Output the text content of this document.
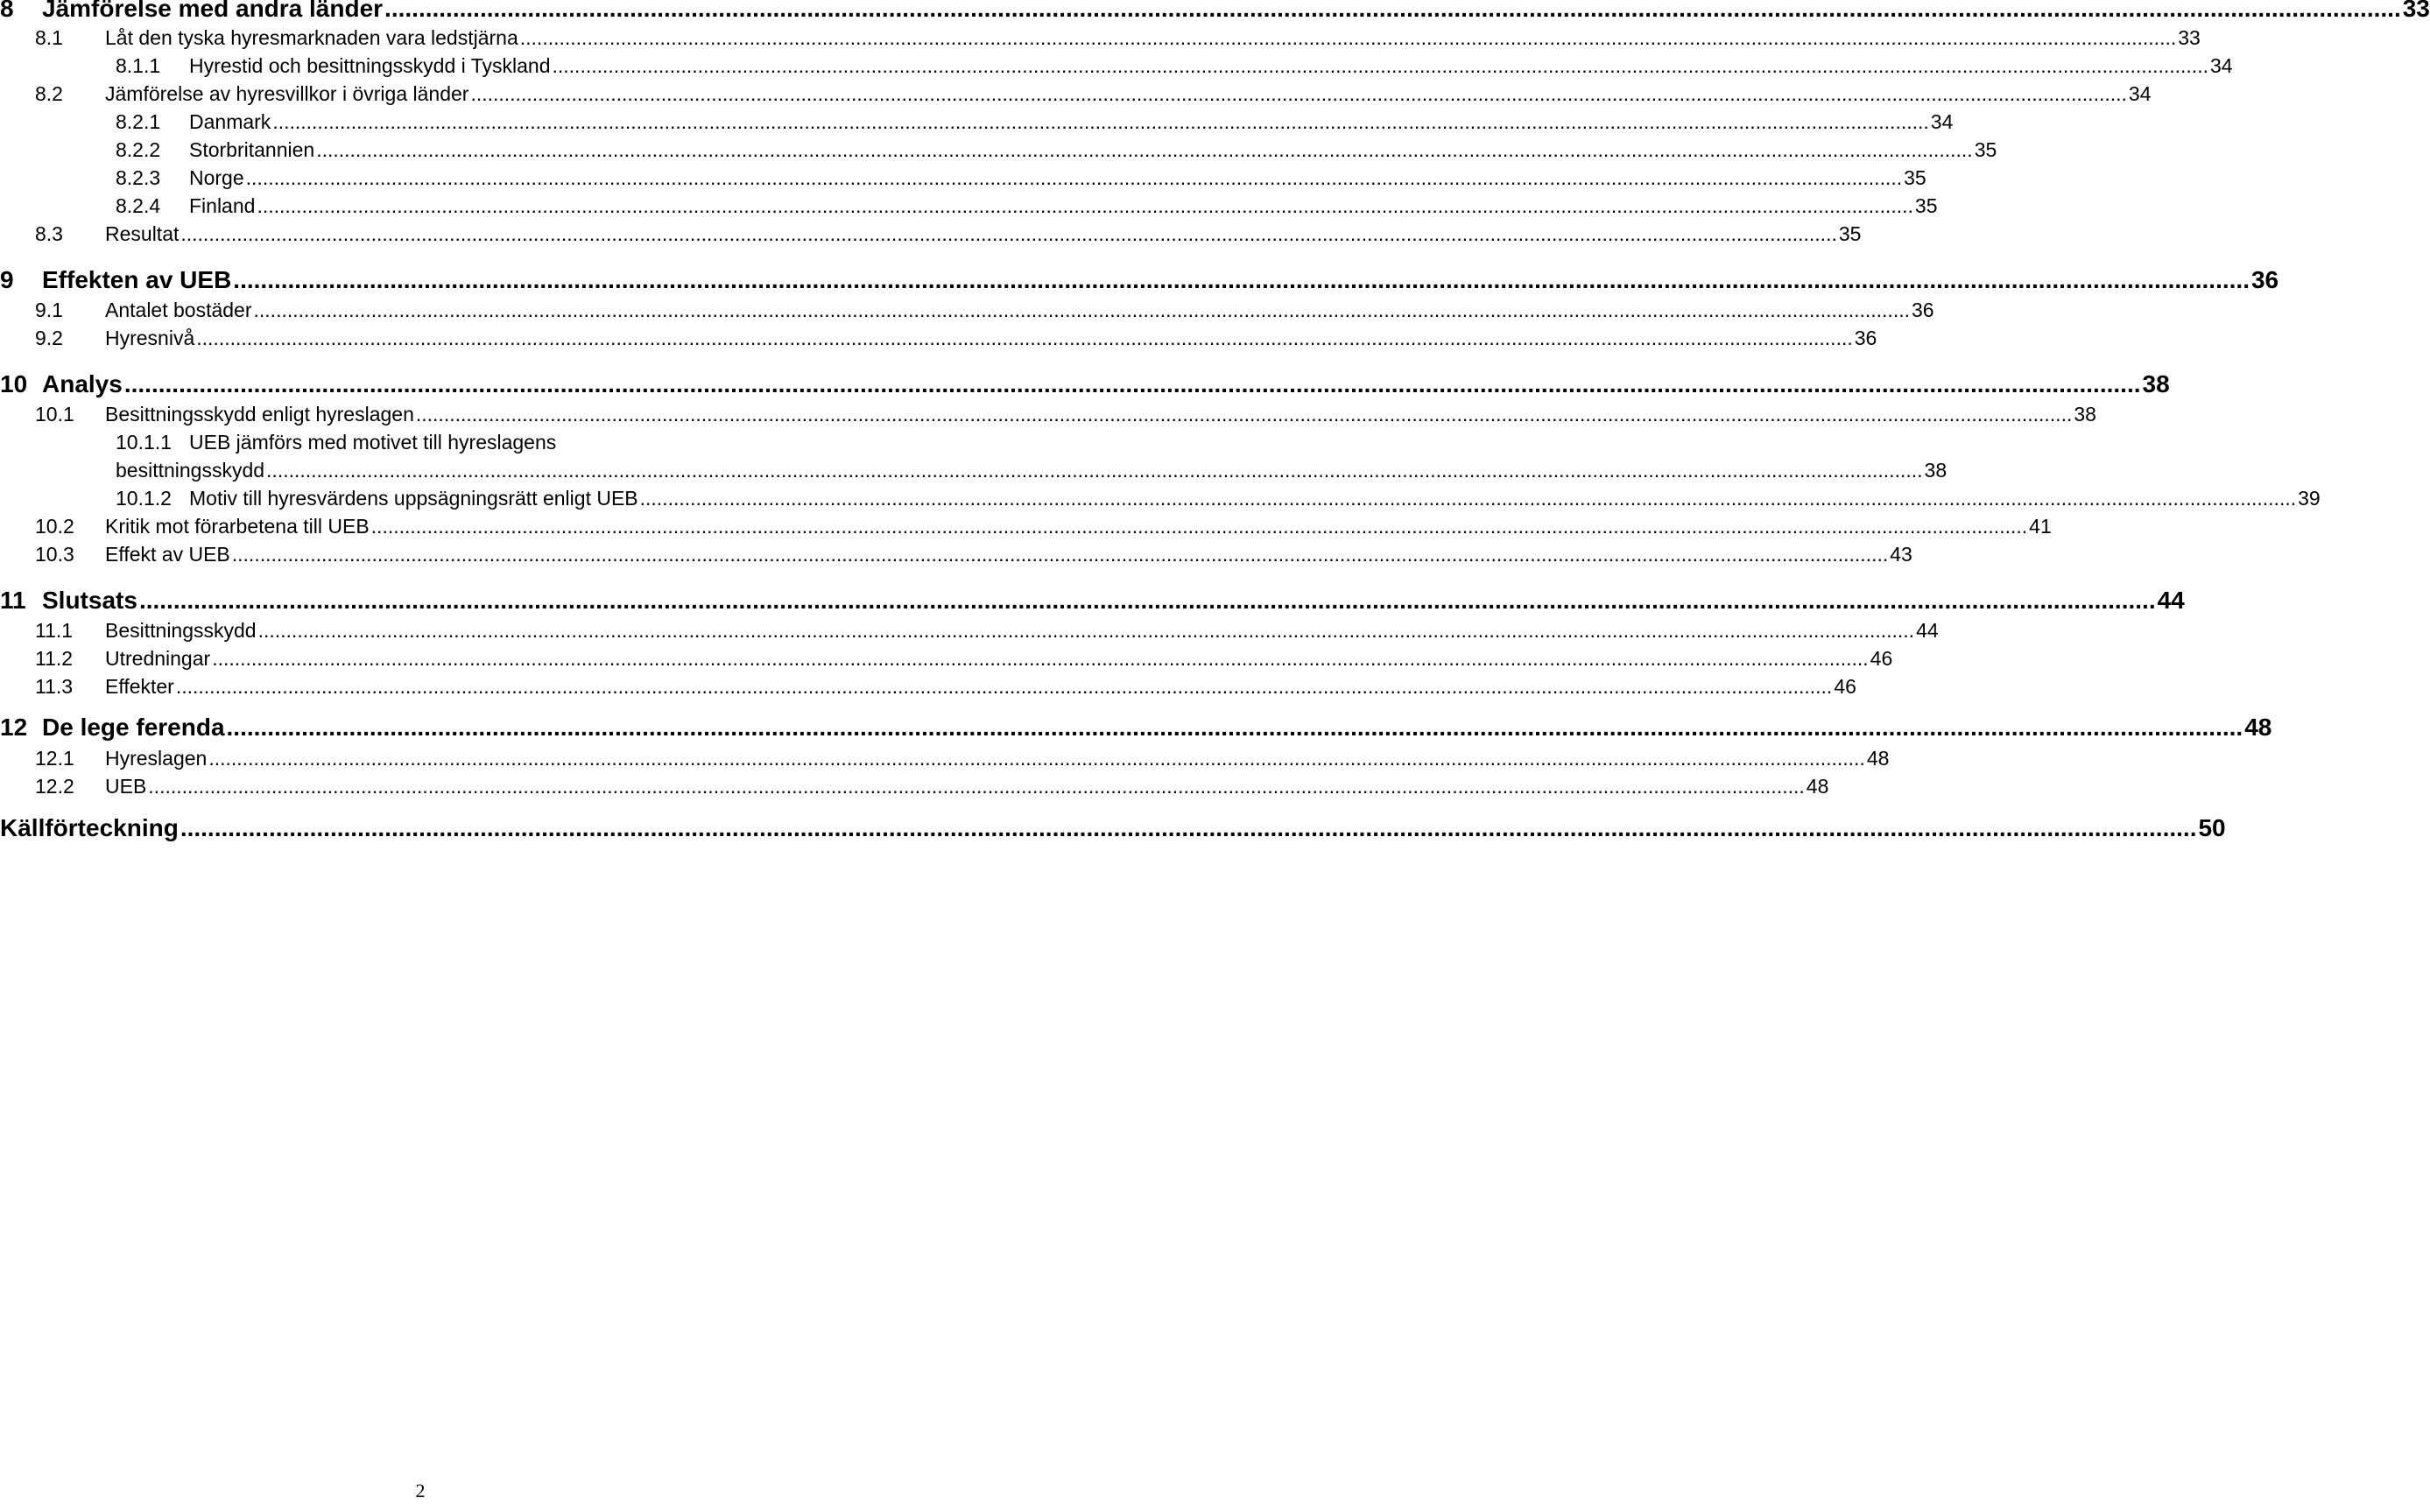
8	Jämförelse med andra länder .....	33
8.1	Låt den tyska hyresmarknaden vara ledstjärna .....	33
8.1.1	Hyrestid och besittningsskydd i Tyskland .....	34
8.2	Jämförelse av hyresvillkor i övriga länder .....	34
8.2.1	Danmark .....	34
8.2.2	Storbritannien .....	35
8.2.3	Norge .....	35
8.2.4	Finland .....	35
8.3	Resultat .....	35
9	Effekten av UEB .....	36
9.1	Antalet bostäder .....	36
9.2	Hyresnivå .....	36
10 Analys .....	38
10.1	Besittningsskydd enligt hyreslagen .....	38
10.1.1 UEB jämförs med motivet till hyreslagens
besittningsskydd .....	38
10.1.2 Motiv till hyresvärdens uppsägningsrätt enligt UEB .....	39
10.2	Kritik mot förarbetena till UEB .....	41
10.3	Effekt av UEB .....	43
11 Slutsats .....	44
11.1	Besittningsskydd .....	44
11.2	Utredningar .....	46
11.3	Effekter .....	46
12 De lege ferenda .....	48
12.1	Hyreslagen .....	48
12.2	UEB .....	48
Källförteckning .....	50
2
